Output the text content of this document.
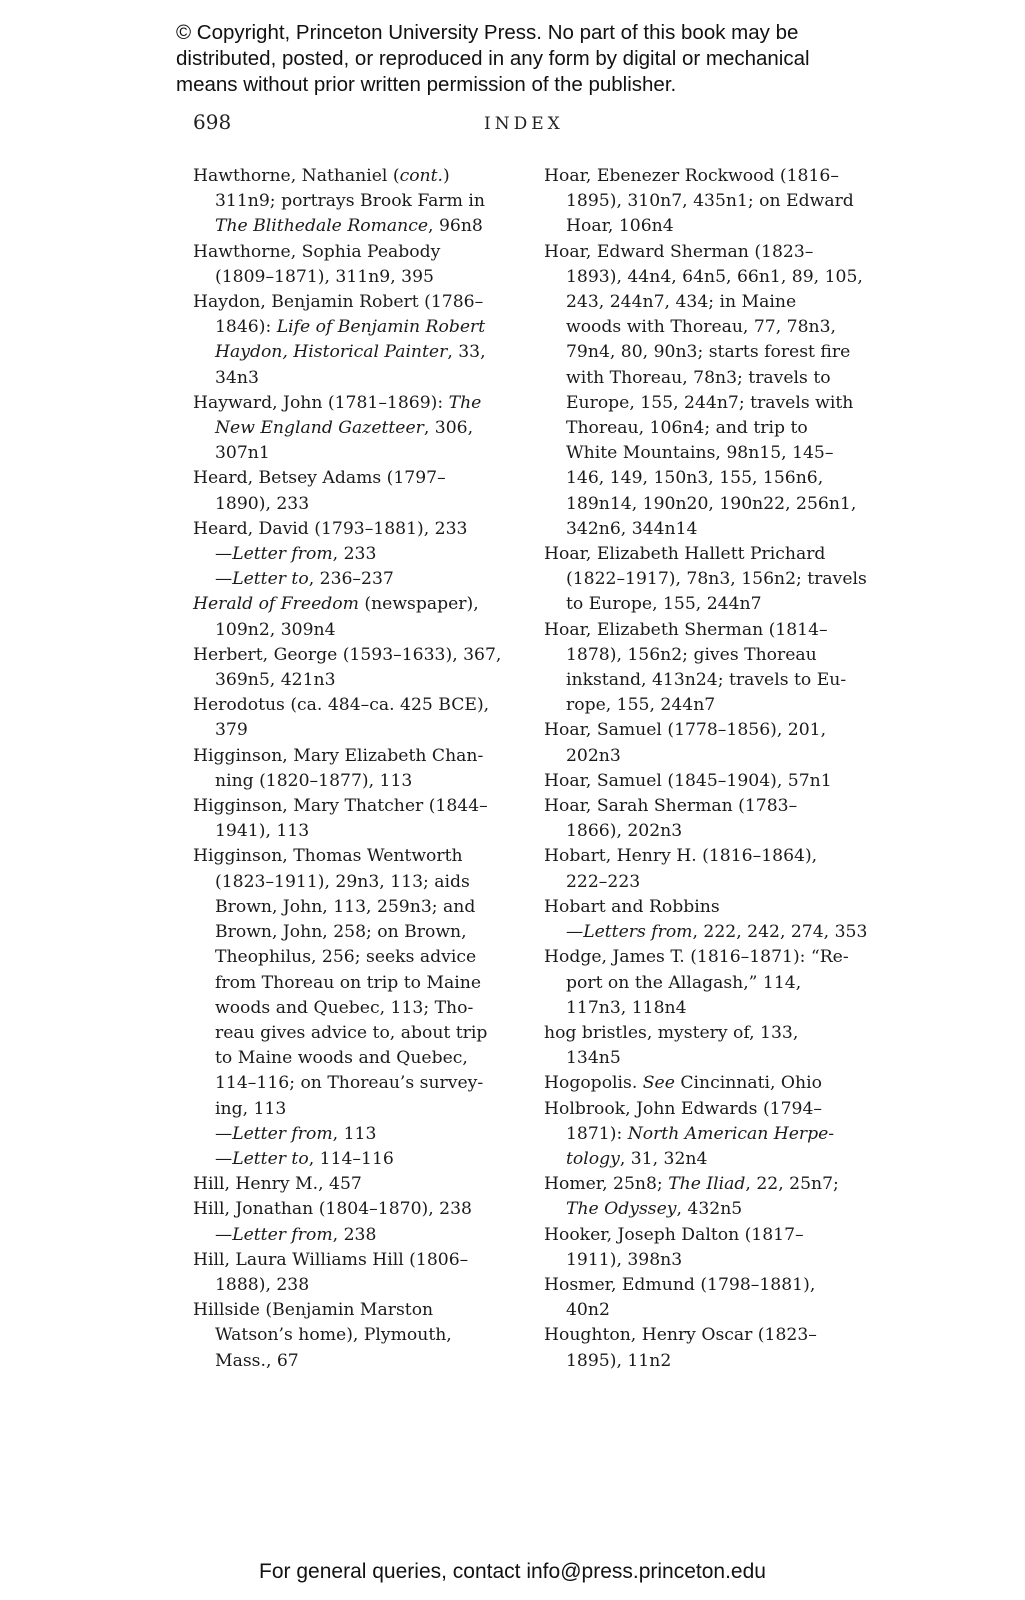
© Copyright, Princeton University Press. No part of this book may be
distributed, posted, or reproduced in any form by digital or mechanical
means without prior written permission of the publisher.
698	INDEX
Hawthorne, Nathaniel (cont.)
311n9; portrays Brook Farm in
The Blithedale Romance, 96n8
Hawthorne, Sophia Peabody
(1809–1871), 311n9, 395
Haydon, Benjamin Robert (1786–
1846): Life of Benjamin Robert
Haydon, Historical Painter, 33,
34n3
Hayward, John (1781–1869): The
New England Gazetteer, 306,
307n1
Heard, Betsey Adams (1797–
1890), 233
Heard, David (1793–1881), 233
—Letter from, 233
—Letter to, 236–237
Herald of Freedom (newspaper),
109n2, 309n4
Herbert, George (1593–1633), 367,
369n5, 421n3
Herodotus (ca. 484–ca. 425 BCE),
379
Higginson, Mary Elizabeth Chan-
ning (1820–1877), 113
Higginson, Mary Thatcher (1844–
1941), 113
Higginson, Thomas Wentworth
(1823–1911), 29n3, 113; aids
Brown, John, 113, 259n3; and
Brown, John, 258; on Brown,
Theophilus, 256; seeks advice
from Thoreau on trip to Maine
woods and Quebec, 113; Tho-
reau gives advice to, about trip
to Maine woods and Quebec,
114–116; on Thoreau’s survey-
ing, 113
—Letter from, 113
—Letter to, 114–116
Hill, Henry M., 457
Hill, Jonathan (1804–1870), 238
—Letter from, 238
Hill, Laura Williams Hill (1806–
1888), 238
Hillside (Benjamin Marston
Watson’s home), Plymouth,
Mass., 67
Hoar, Ebenezer Rockwood (1816–
1895), 310n7, 435n1; on Edward
Hoar, 106n4
Hoar, Edward Sherman (1823–
1893), 44n4, 64n5, 66n1, 89, 105,
243, 244n7, 434; in Maine
woods with Thoreau, 77, 78n3,
79n4, 80, 90n3; starts forest fire
with Thoreau, 78n3; travels to
Europe, 155, 244n7; travels with
Thoreau, 106n4; and trip to
White Mountains, 98n15, 145–
146, 149, 150n3, 155, 156n6,
189n14, 190n20, 190n22, 256n1,
342n6, 344n14
Hoar, Elizabeth Hallett Prichard
(1822–1917), 78n3, 156n2; travels
to Europe, 155, 244n7
Hoar, Elizabeth Sherman (1814–
1878), 156n2; gives Thoreau
inkstand, 413n24; travels to Eu-
rope, 155, 244n7
Hoar, Samuel (1778–1856), 201,
202n3
Hoar, Samuel (1845–1904), 57n1
Hoar, Sarah Sherman (1783–
1866), 202n3
Hobart, Henry H. (1816–1864),
222–223
Hobart and Robbins
—Letters from, 222, 242, 274, 353
Hodge, James T. (1816–1871): “Re-
port on the Allagash,” 114,
117n3, 118n4
hog bristles, mystery of, 133,
134n5
Hogopolis. See Cincinnati, Ohio
Holbrook, John Edwards (1794–
1871): North American Herpe-
tology, 31, 32n4
Homer, 25n8; The Iliad, 22, 25n7;
The Odyssey, 432n5
Hooker, Joseph Dalton (1817–
1911), 398n3
Hosmer, Edmund (1798–1881),
40n2
Houghton, Henry Oscar (1823–
1895), 11n2
For general queries, contact info@press.princeton.edu
